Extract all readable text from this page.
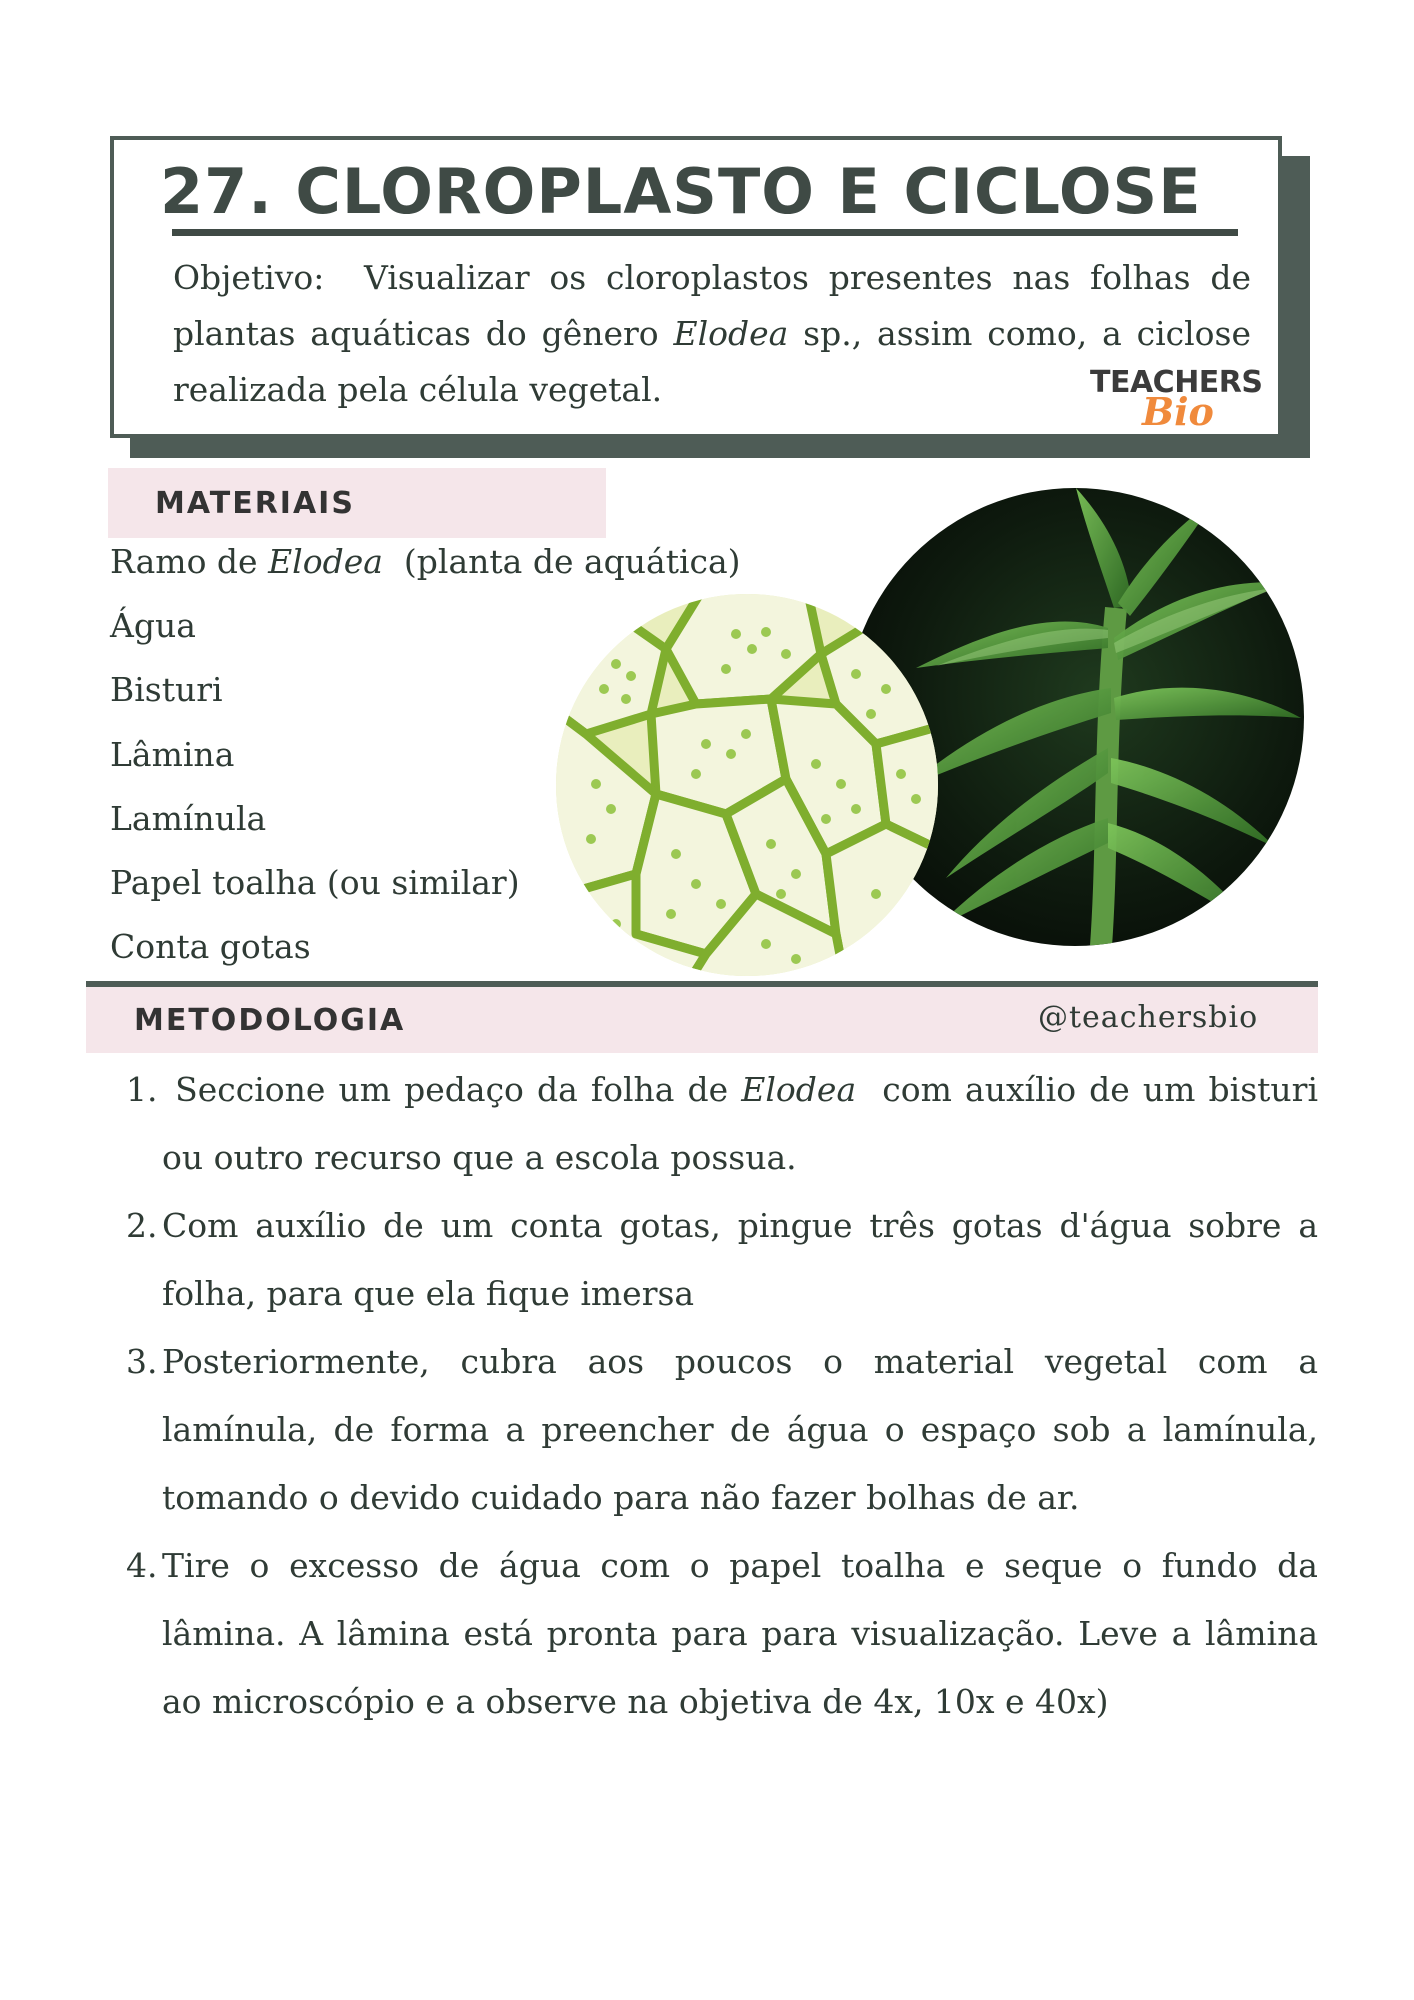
27. CLOROPLASTO E CICLOSE
Objetivo: Visualizar os cloroplastos presentes nas folhas de plantas aquáticas do gênero Elodea sp., assim como, a ciclose realizada pela célula vegetal.	TEACHERS
Bio
MATERIAIS
Ramo de Elodea (planta de aquática)
Água
Bisturi
Lâmina
Lamínula
Papel toalha (ou similar)
Conta gotas
METODOLOGIA	@teachersbio
1. Seccione um pedaço da folha de Elodea com auxílio de um bisturi ou outro recurso que a escola possua.
2. Com auxílio de um conta gotas, pingue três gotas d'água sobre a folha, para que ela fique imersa
3. Posteriormente, cubra aos poucos o material vegetal com a lamínula, de forma a preencher de água o espaço sob a lamínula, tomando o devido cuidado para não fazer bolhas de ar.
4. Tire o excesso de água com o papel toalha e seque o fundo da lâmina. A lâmina está pronta para para visualização. Leve a lâmina ao microscópio e a observe na objetiva de 4x, 10x e 40x)
